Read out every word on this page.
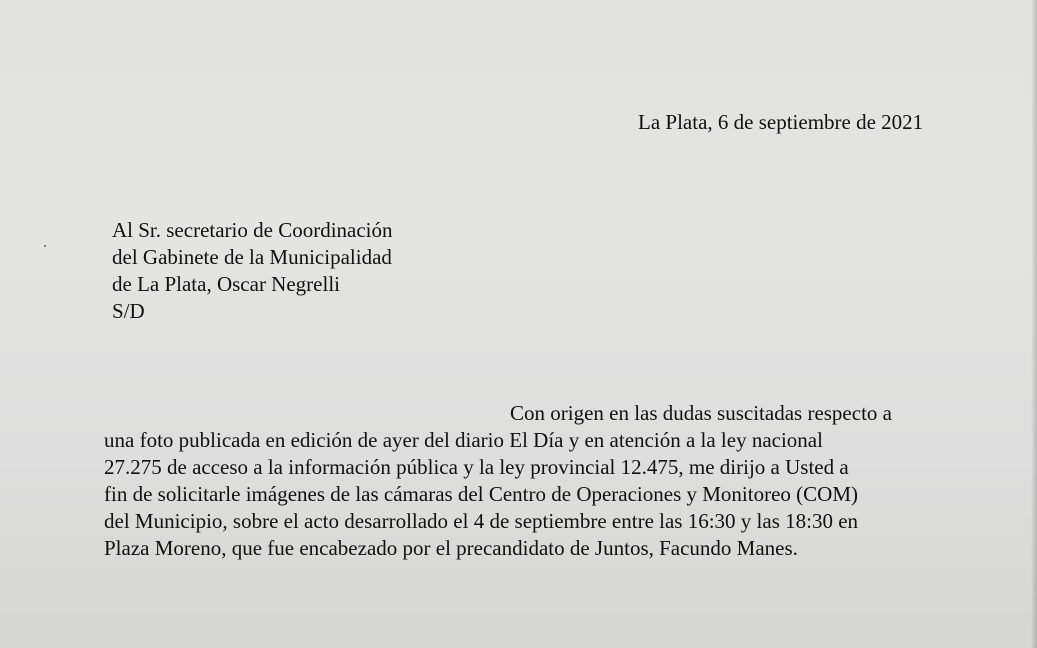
La Plata, 6 de septiembre de 2021
Al Sr. secretario de Coordinación
del Gabinete de la Municipalidad
de La Plata, Oscar Negrelli
S/D
Con origen en las dudas suscitadas respecto a
una foto publicada en edición de ayer del diario El Día y en atención a la ley nacional
27.275 de acceso a la información pública y la ley provincial 12.475, me dirijo a Usted a
fin de solicitarle imágenes de las cámaras del Centro de Operaciones y Monitoreo (COM)
del Municipio, sobre el acto desarrollado el 4 de septiembre entre las 16:30 y las 18:30 en
Plaza Moreno, que fue encabezado por el precandidato de Juntos, Facundo Manes.
